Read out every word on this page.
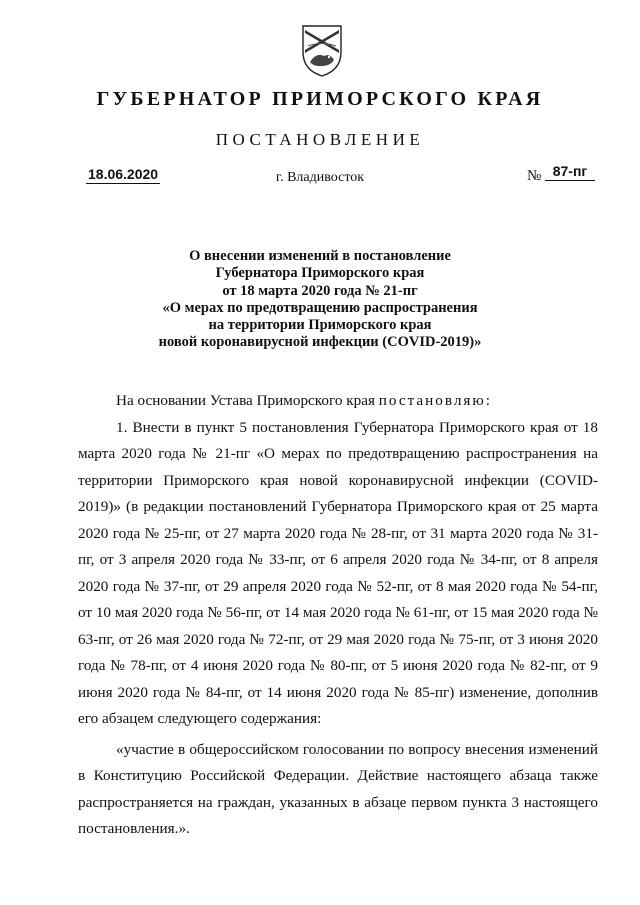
ГУБЕРНАТОР ПРИМОРСКОГО КРАЯ
ПОСТАНОВЛЕНИЕ
18.06.2020	г. Владивосток	№ 87-пг
О внесении изменений в постановление
Губернатора Приморского края
от 18 марта 2020 года № 21-пг
«О мерах по предотвращению распространения
на территории Приморского края
новой коронавирусной инфекции (COVID-2019)»

На основании Устава Приморского края постановляю:

1. Внести в пункт 5 постановления Губернатора Приморского края от 18 марта 2020 года № 21-пг «О мерах по предотвращению распространения на территории Приморского края новой коронавирусной инфекции (COVID-2019)» (в редакции постановлений Губернатора Приморского края от 25 марта 2020 года № 25-пг, от 27 марта 2020 года № 28-пг, от 31 марта 2020 года № 31-пг, от 3 апреля 2020 года № 33-пг, от 6 апреля 2020 года № 34-пг, от 8 апреля 2020 года № 37-пг, от 29 апреля 2020 года № 52-пг, от 8 мая 2020 года № 54-пг, от 10 мая 2020 года № 56-пг, от 14 мая 2020 года № 61-пг, от 15 мая 2020 года № 63-пг, от 26 мая 2020 года № 72-пг, от 29 мая 2020 года № 75-пг, от 3 июня 2020 года № 78-пг, от 4 июня 2020 года № 80-пг, от 5 июня 2020 года № 82-пг, от 9 июня 2020 года № 84-пг, от 14 июня 2020 года № 85-пг) изменение, дополнив его абзацем следующего содержания:

«участие в общероссийском голосовании по вопросу внесения изменений в Конституцию Российской Федерации. Действие настоящего абзаца также распространяется на граждан, указанных в абзаце первом пункта 3 настоящего постановления.».
